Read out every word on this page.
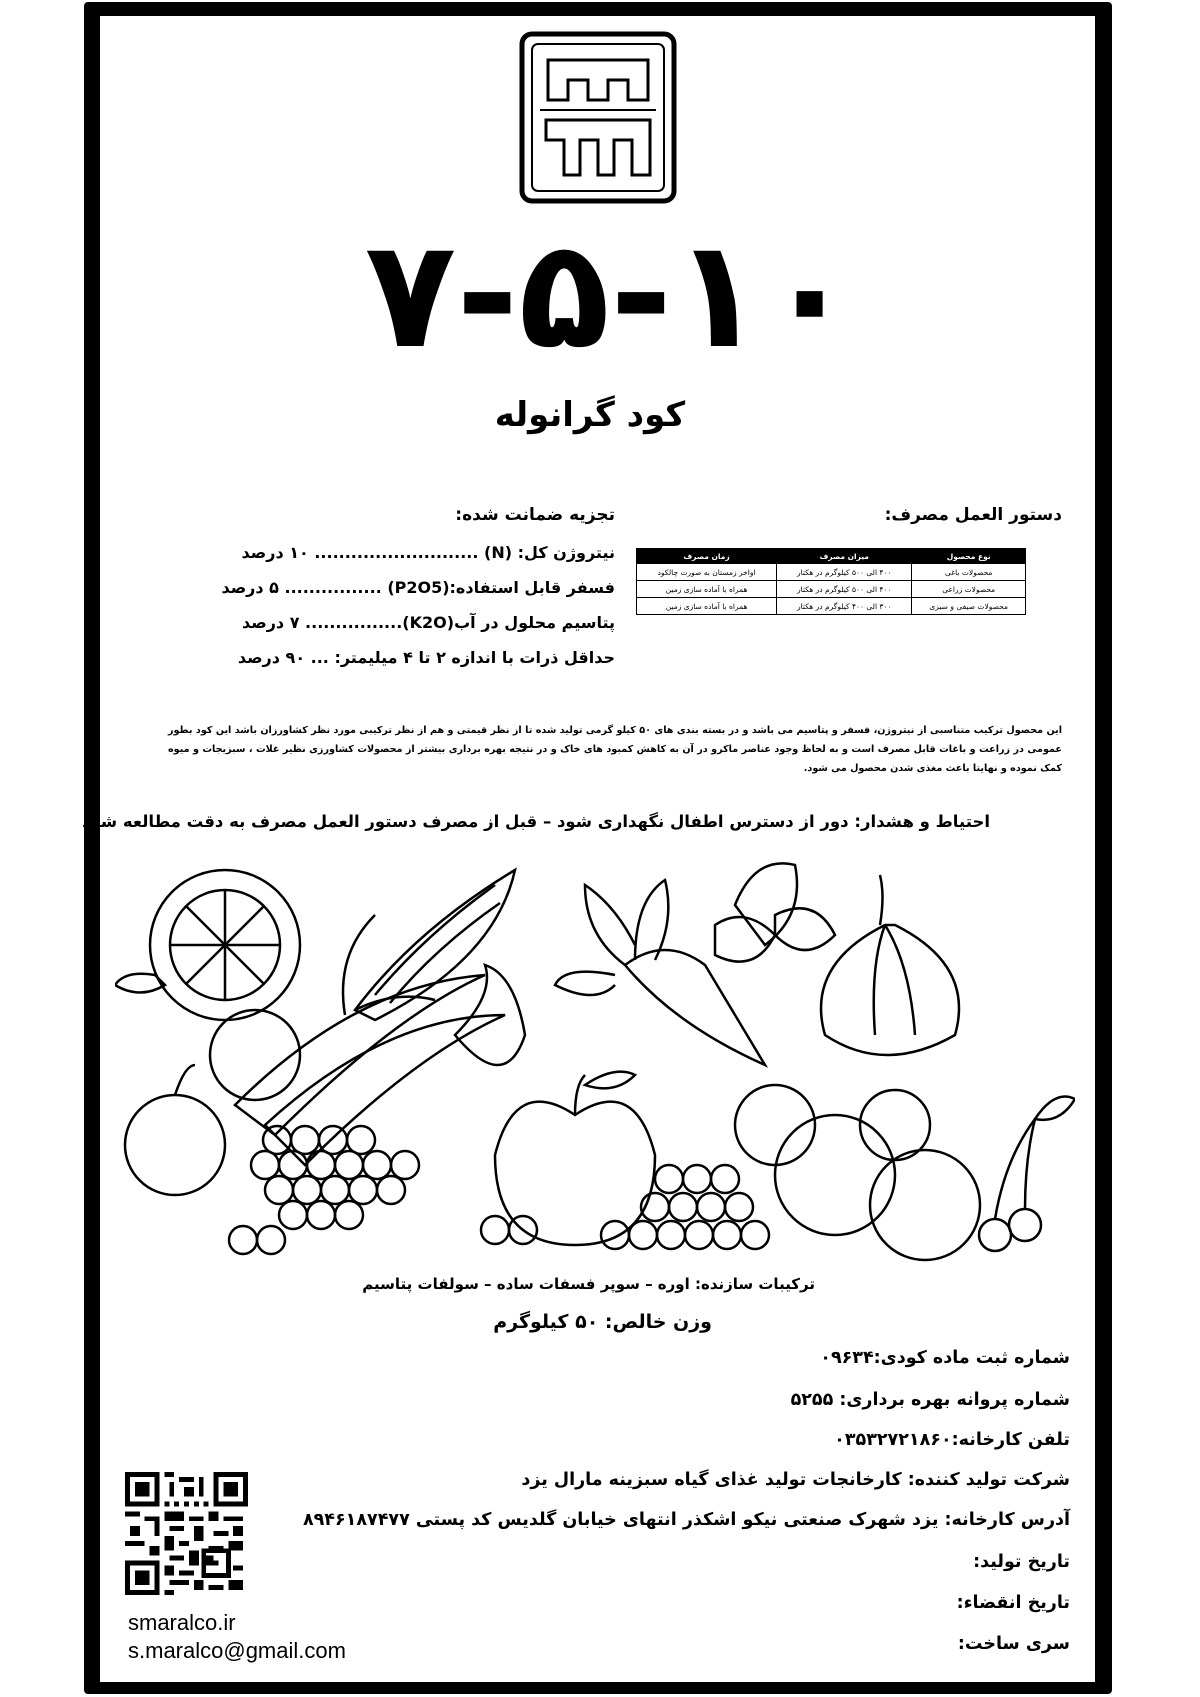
۷-۵-۱۰
کود گرانوله
دستور العمل مصرف:
نوع محصول	میزان مصرف	زمان مصرف
محصولات باغی	۴۰۰ الی ۵۰۰ کیلوگرم در هکتار	اواخر زمستان به صورت چالکود
محصولات زراعی	۴۰۰ الی ۵۰۰ کیلوگرم در هکتار	همراه با آماده سازی زمین
محصولات صیفی و سبزی	۳۰۰ الی ۴۰۰ کیلوگرم در هکتار	همراه با آماده سازی زمین
تجزیه ضمانت شده:
نیتروژن کل: (N) ........................... ۱۰ درصد
فسفر قابل استفاده:(P2O5) ................ ۵ درصد
پتاسیم محلول در آب(K2O)................ ۷ درصد
حداقل ذرات با اندازه ۲ تا ۴ میلیمتر: ... ۹۰ درصد
این محصول ترکیب متناسبی از نیتروژن، فسفر و پتاسیم می باشد و در بسته بندی های ۵۰ کیلو گرمی تولید شده تا از نظر قیمتی و هم از نظر ترکیبی مورد نظر کشاورزان باشد این کود بطور عمومی در زراعت و باغات قابل مصرف است و به لحاظ وجود عناصر ماکرو در آن به کاهش کمبود های خاک و در نتیجه بهره برداری بیشتر از محصولات کشاورزی نظیر غلات ، سبزیجات و میوه کمک نموده و نهایتا باعث مغذی شدن محصول می شود.
احتیاط و هشدار: دور از دسترس اطفال نگهداری شود – قبل از مصرف دستور العمل مصرف به دقت مطالعه شود
ترکیبات سازنده: اوره – سوپر فسفات ساده – سولفات پتاسیم
وزن خالص: ۵۰ کیلوگرم
شماره ثبت ماده کودی:۰۹۶۳۴
شماره پروانه بهره برداری: ۵۲۵۵
تلفن کارخانه:۰۳۵۳۲۷۲۱۸۶۰
شرکت تولید کننده: کارخانجات تولید غذای گیاه سبزینه مارال یزد
آدرس کارخانه: یزد شهرک صنعتی نیکو اشکذر انتهای خیابان گلدیس کد پستی ۸۹۴۶۱۸۷۴۷۷
تاریخ تولید:
تاریخ انقضاء:
سری ساخت:
smaralco.ir
s.maralco@gmail.com
